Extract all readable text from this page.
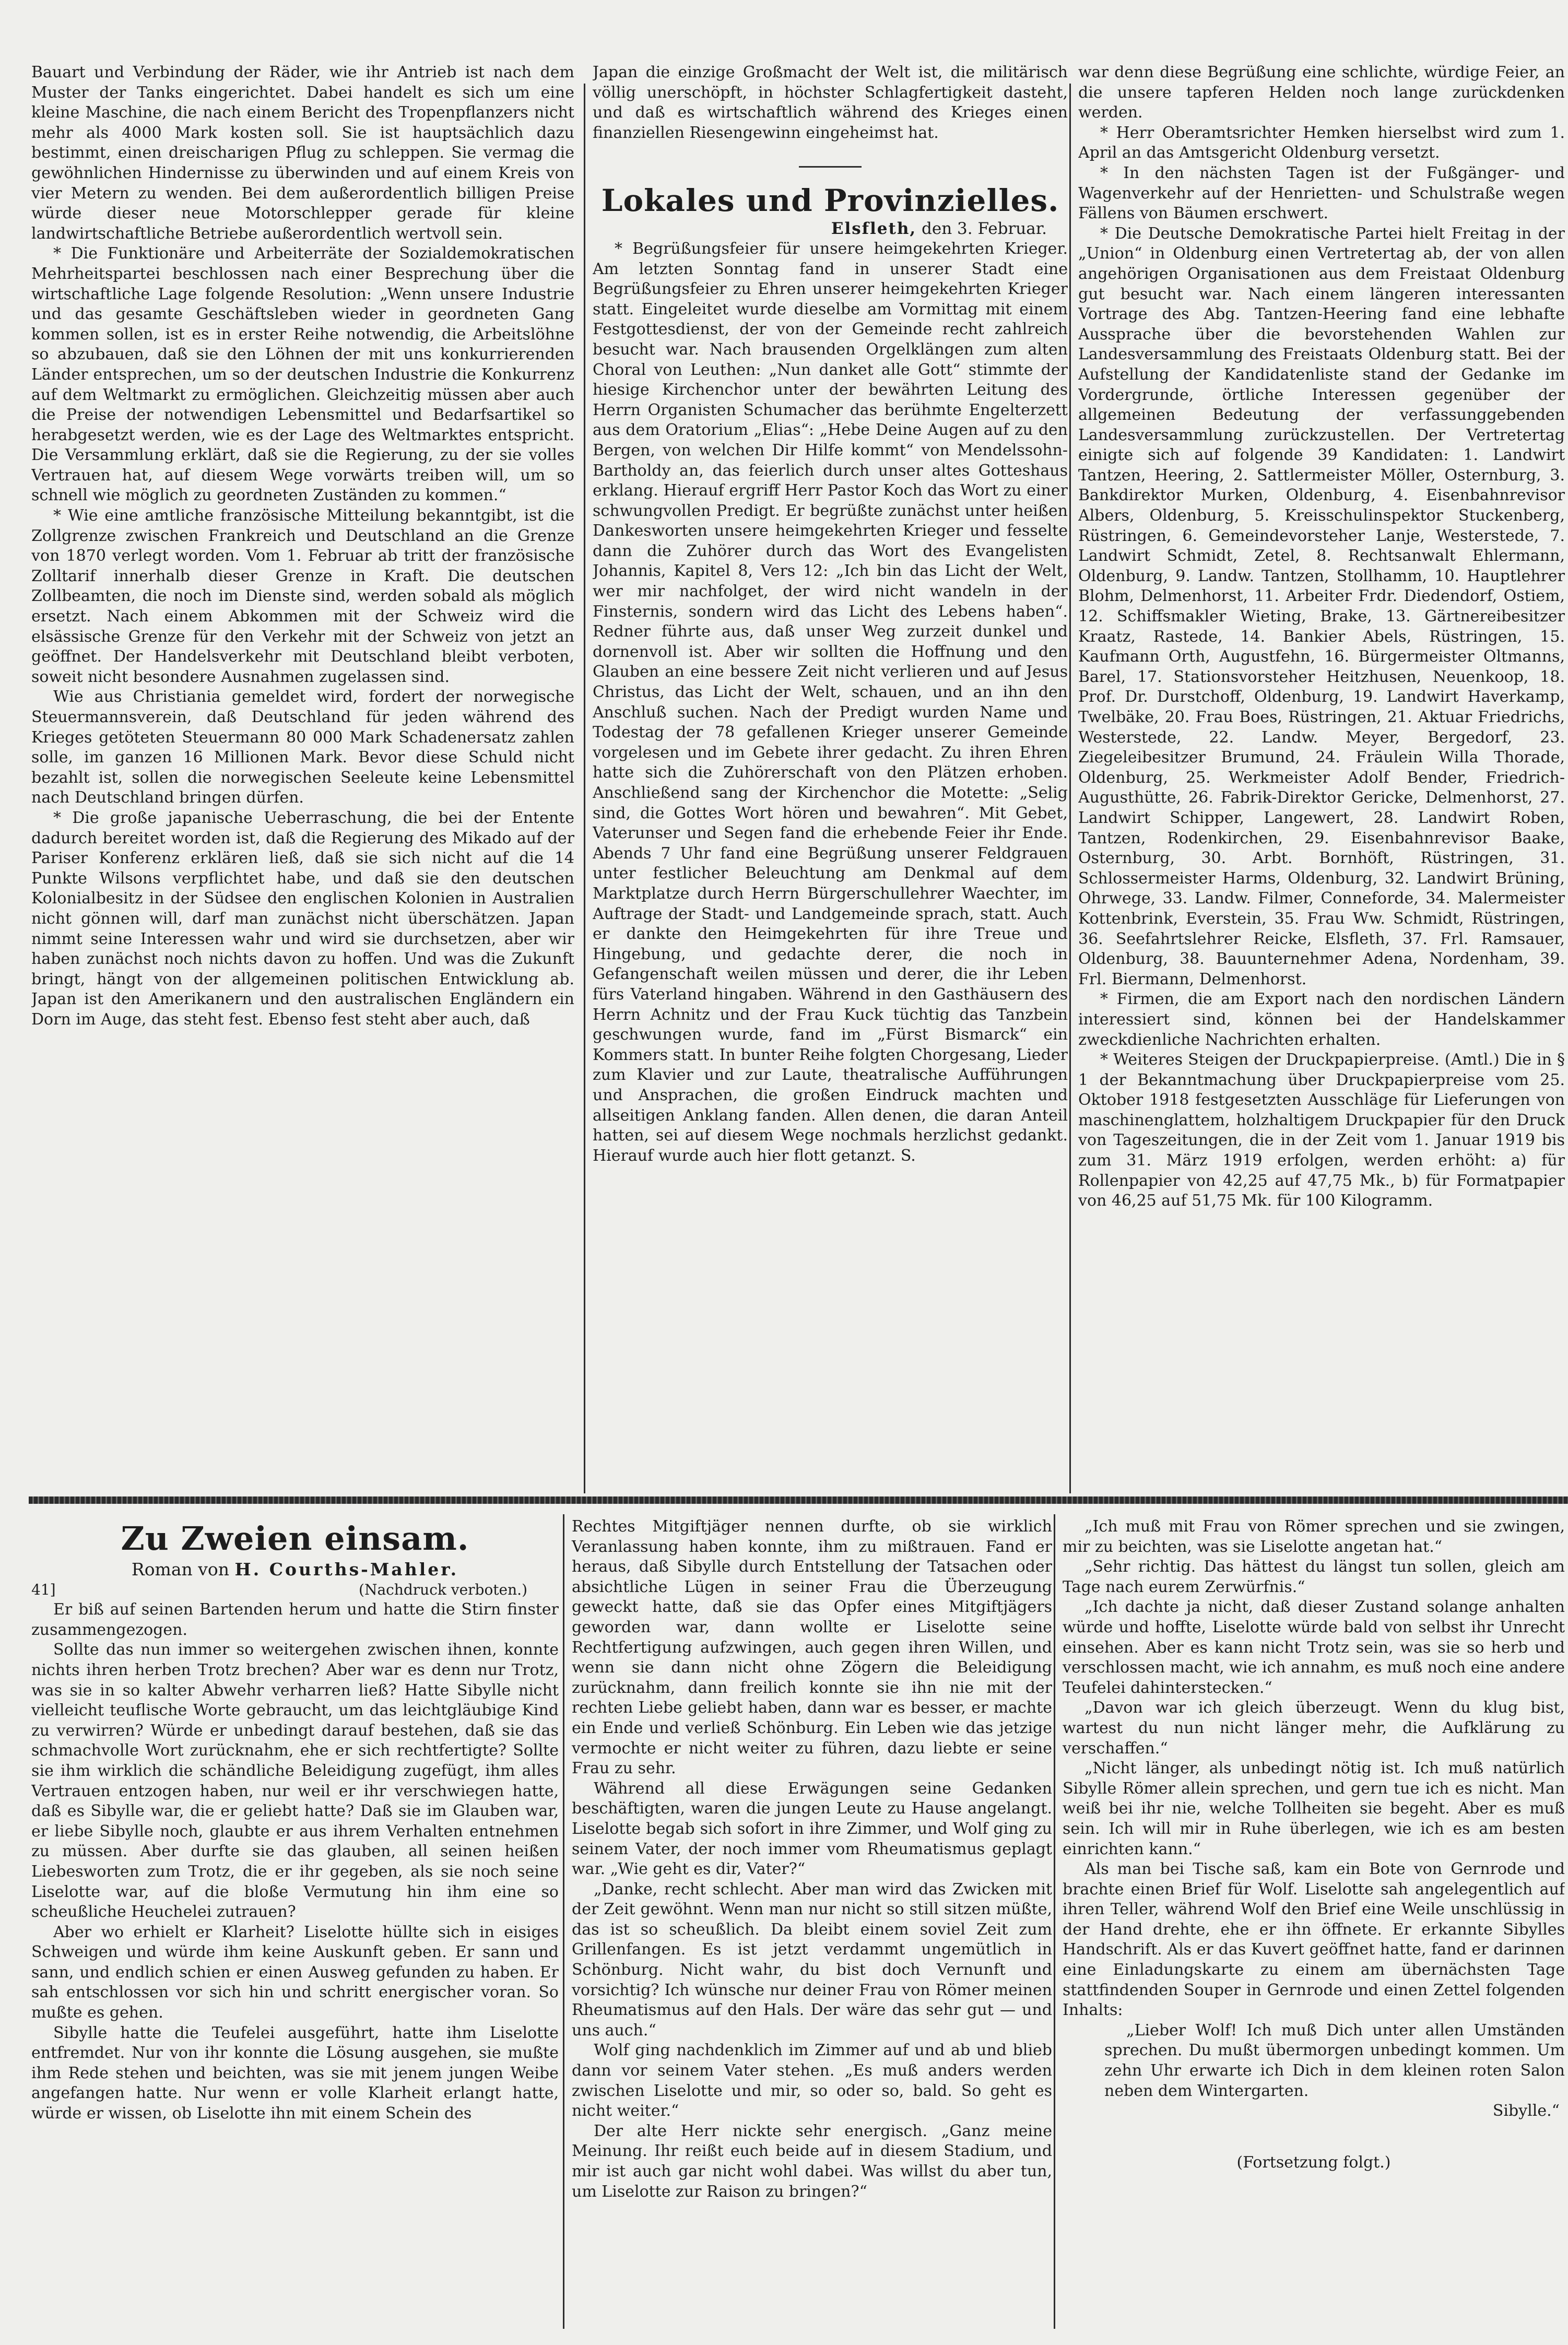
Bauart und Verbindung der Räder, wie ihr Antrieb ist nach dem Muster der Tanks eingerichtet. Dabei handelt es sich um eine kleine Maschine, die nach einem Bericht des Tropenpflanzers nicht mehr als 4000 Mark kosten soll. Sie ist hauptsächlich dazu bestimmt, einen dreischarigen Pflug zu schleppen. Sie vermag die gewöhnlichen Hindernisse zu überwinden und auf einem Kreis von vier Metern zu wenden. Bei dem außerordentlich billigen Preise würde dieser neue Motorschlepper gerade für kleine landwirtschaftliche Betriebe außerordentlich wertvoll sein.

* Die Funktionäre und Arbeiterräte der Sozialdemokratischen Mehrheitspartei beschlossen nach einer Besprechung über die wirtschaftliche Lage folgende Resolution: „Wenn unsere Industrie und das gesamte Geschäftsleben wieder in geordneten Gang kommen sollen, ist es in erster Reihe notwendig, die Arbeitslöhne so abzubauen, daß sie den Löhnen der mit uns konkurrierenden Länder entsprechen, um so der deutschen Industrie die Konkurrenz auf dem Weltmarkt zu ermöglichen. Gleichzeitig müssen aber auch die Preise der notwendigen Lebensmittel und Bedarfsartikel so herabgesetzt werden, wie es der Lage des Weltmarktes entspricht. Die Versammlung erklärt, daß sie die Regierung, zu der sie volles Vertrauen hat, auf diesem Wege vorwärts treiben will, um so schnell wie möglich zu geordneten Zuständen zu kommen.“

* Wie eine amtliche französische Mitteilung bekanntgibt, ist die Zollgrenze zwischen Frankreich und Deutschland an die Grenze von 1870 verlegt worden. Vom 1. Februar ab tritt der französische Zolltarif innerhalb dieser Grenze in Kraft. Die deutschen Zollbeamten, die noch im Dienste sind, werden sobald als möglich ersetzt. Nach einem Abkommen mit der Schweiz wird die elsässische Grenze für den Verkehr mit der Schweiz von jetzt an geöffnet. Der Handelsverkehr mit Deutschland bleibt verboten, soweit nicht besondere Ausnahmen zugelassen sind.

Wie aus Christiania gemeldet wird, fordert der norwegische Steuermannsverein, daß Deutschland für jeden während des Krieges getöteten Steuermann 80 000 Mark Schadenersatz zahlen solle, im ganzen 16 Millionen Mark. Bevor diese Schuld nicht bezahlt ist, sollen die norwegischen Seeleute keine Lebensmittel nach Deutschland bringen dürfen.

* Die große japanische Ueberraschung, die bei der Entente dadurch bereitet worden ist, daß die Regierung des Mikado auf der Pariser Konferenz erklären ließ, daß sie sich nicht auf die 14 Punkte Wilsons verpflichtet habe, und daß sie den deutschen Kolonialbesitz in der Südsee den englischen Kolonien in Australien nicht gönnen will, darf man zunächst nicht überschätzen. Japan nimmt seine Interessen wahr und wird sie durchsetzen, aber wir haben zunächst noch nichts davon zu hoffen. Und was die Zukunft bringt, hängt von der allgemeinen politischen Entwicklung ab. Japan ist den Amerikanern und den australischen Engländern ein Dorn im Auge, das steht fest. Ebenso fest steht aber auch, daß

Japan die einzige Großmacht der Welt ist, die militärisch völlig unerschöpft, in höchster Schlagfertigkeit dasteht, und daß es wirtschaftlich während des Krieges einen finanziellen Riesengewinn eingeheimst hat.

Lokales und Provinzielles.
Elsfleth, den 3. Februar.

* Begrüßungsfeier für unsere heimgekehrten Krieger. Am letzten Sonntag fand in unserer Stadt eine Begrüßungsfeier zu Ehren unserer heimgekehrten Krieger statt. Eingeleitet wurde dieselbe am Vormittag mit einem Festgottesdienst, der von der Gemeinde recht zahlreich besucht war. Nach brausenden Orgelklängen zum alten Choral von Leuthen: „Nun danket alle Gott“ stimmte der hiesige Kirchenchor unter der bewährten Leitung des Herrn Organisten Schumacher das berühmte Engelterzett aus dem Oratorium „Elias“: „Hebe Deine Augen auf zu den Bergen, von welchen Dir Hilfe kommt“ von Mendelssohn-Bartholdy an, das feierlich durch unser altes Gotteshaus erklang. Hierauf ergriff Herr Pastor Koch das Wort zu einer schwungvollen Predigt. Er begrüßte zunächst unter heißen Dankesworten unsere heimgekehrten Krieger und fesselte dann die Zuhörer durch das Wort des Evangelisten Johannis, Kapitel 8, Vers 12: „Ich bin das Licht der Welt, wer mir nachfolget, der wird nicht wandeln in der Finsternis, sondern wird das Licht des Lebens haben“. Redner führte aus, daß unser Weg zurzeit dunkel und dornenvoll ist. Aber wir sollten die Hoffnung und den Glauben an eine bessere Zeit nicht verlieren und auf Jesus Christus, das Licht der Welt, schauen, und an ihn den Anschluß suchen. Nach der Predigt wurden Name und Todestag der 78 gefallenen Krieger unserer Gemeinde vorgelesen und im Gebete ihrer gedacht. Zu ihren Ehren hatte sich die Zuhörerschaft von den Plätzen erhoben. Anschließend sang der Kirchenchor die Motette: „Selig sind, die Gottes Wort hören und bewahren“. Mit Gebet, Vaterunser und Segen fand die erhebende Feier ihr Ende. Abends 7 Uhr fand eine Begrüßung unserer Feldgrauen unter festlicher Beleuchtung am Denkmal auf dem Marktplatze durch Herrn Bürgerschullehrer Waechter, im Auftrage der Stadt- und Landgemeinde sprach, statt. Auch er dankte den Heimgekehrten für ihre Treue und Hingebung, und gedachte derer, die noch in Gefangenschaft weilen müssen und derer, die ihr Leben fürs Vaterland hingaben. Während in den Gasthäusern des Herrn Achnitz und der Frau Kuck tüchtig das Tanzbein geschwungen wurde, fand im „Fürst Bismarck“ ein Kommers statt. In bunter Reihe folgten Chorgesang, Lieder zum Klavier und zur Laute, theatralische Aufführungen und Ansprachen, die großen Eindruck machten und allseitigen Anklang fanden. Allen denen, die daran Anteil hatten, sei auf diesem Wege nochmals herzlichst gedankt. Hierauf wurde auch hier flott getanzt. S.

war denn diese Begrüßung eine schlichte, würdige Feier, an die unsere tapferen Helden noch lange zurückdenken werden.

* Herr Oberamtsrichter Hemken hierselbst wird zum 1. April an das Amtsgericht Oldenburg versetzt.

* In den nächsten Tagen ist der Fußgänger- und Wagenverkehr auf der Henrietten- und Schulstraße wegen Fällens von Bäumen erschwert.

* Die Deutsche Demokratische Partei hielt Freitag in der „Union“ in Oldenburg einen Vertretertag ab, der von allen angehörigen Organisationen aus dem Freistaat Oldenburg gut besucht war. Nach einem längeren interessanten Vortrage des Abg. Tantzen-Heering fand eine lebhafte Aussprache über die bevorstehenden Wahlen zur Landesversammlung des Freistaats Oldenburg statt. Bei der Aufstellung der Kandidatenliste stand der Gedanke im Vordergrunde, örtliche Interessen gegenüber der allgemeinen Bedeutung der verfassunggebenden Landesversammlung zurückzustellen. Der Vertretertag einigte sich auf folgende 39 Kandidaten: 1. Landwirt Tantzen, Heering, 2. Sattlermeister Möller, Osternburg, 3. Bankdirektor Murken, Oldenburg, 4. Eisenbahnrevisor Albers, Oldenburg, 5. Kreisschulinspektor Stuckenberg, Rüstringen, 6. Gemeindevorsteher Lanje, Westerstede, 7. Landwirt Schmidt, Zetel, 8. Rechtsanwalt Ehlermann, Oldenburg, 9. Landw. Tantzen, Stollhamm, 10. Hauptlehrer Blohm, Delmenhorst, 11. Arbeiter Frdr. Diedendorf, Ostiem, 12. Schiffsmakler Wieting, Brake, 13. Gärtnereibesitzer Kraatz, Rastede, 14. Bankier Abels, Rüstringen, 15. Kaufmann Orth, Augustfehn, 16. Bürgermeister Oltmanns, Barel, 17. Stationsvorsteher Heitzhusen, Neuenkoop, 18. Prof. Dr. Durstchoff, Oldenburg, 19. Landwirt Haverkamp, Twelbäke, 20. Frau Boes, Rüstringen, 21. Aktuar Friedrichs, Westerstede, 22. Landw. Meyer, Bergedorf, 23. Ziegeleibesitzer Brumund, 24. Fräulein Willa Thorade, Oldenburg, 25. Werkmeister Adolf Bender, Friedrich-Augusthütte, 26. Fabrik-Direktor Gericke, Delmenhorst, 27. Landwirt Schipper, Langewert, 28. Landwirt Roben, Tantzen, Rodenkirchen, 29. Eisenbahnrevisor Baake, Osternburg, 30. Arbt. Bornhöft, Rüstringen, 31. Schlossermeister Harms, Oldenburg, 32. Landwirt Brüning, Ohrwege, 33. Landw. Filmer, Conneforde, 34. Malermeister Kottenbrink, Everstein, 35. Frau Ww. Schmidt, Rüstringen, 36. Seefahrtslehrer Reicke, Elsfleth, 37. Frl. Ramsauer, Oldenburg, 38. Bauunternehmer Adena, Nordenham, 39. Frl. Biermann, Delmenhorst.

* Firmen, die am Export nach den nordischen Ländern interessiert sind, können bei der Handelskammer zweckdienliche Nachrichten erhalten.

* Weiteres Steigen der Druckpapierpreise. (Amtl.) Die in § 1 der Bekanntmachung über Druckpapierpreise vom 25. Oktober 1918 festgesetzten Ausschläge für Lieferungen von maschinenglattem, holzhaltigem Druckpapier für den Druck von Tageszeitungen, die in der Zeit vom 1. Januar 1919 bis zum 31. März 1919 erfolgen, werden erhöht: a) für Rollenpapier von 42,25 auf 47,75 Mk., b) für Formatpapier von 46,25 auf 51,75 Mk. für 100 Kilogramm.

Zu Zweien einsam.
Roman von H. Courths-Mahler.
41]	(Nachdruck verboten.)

Er biß auf seinen Bartenden herum und hatte die Stirn finster zusammengezogen.

Sollte das nun immer so weitergehen zwischen ihnen, konnte nichts ihren herben Trotz brechen? Aber war es denn nur Trotz, was sie in so kalter Abwehr verharren ließ? Hatte Sibylle nicht vielleicht teuflische Worte gebraucht, um das leichtgläubige Kind zu verwirren? Würde er unbedingt darauf bestehen, daß sie das schmachvolle Wort zurücknahm, ehe er sich rechtfertigte? Sollte sie ihm wirklich die schändliche Beleidigung zugefügt, ihm alles Vertrauen entzogen haben, nur weil er ihr verschwiegen hatte, daß es Sibylle war, die er geliebt hatte? Daß sie im Glauben war, er liebe Sibylle noch, glaubte er aus ihrem Verhalten entnehmen zu müssen. Aber durfte sie das glauben, all seinen heißen Liebesworten zum Trotz, die er ihr gegeben, als sie noch seine Liselotte war, auf die bloße Vermutung hin ihm eine so scheußliche Heuchelei zutrauen?

Aber wo erhielt er Klarheit? Liselotte hüllte sich in eisiges Schweigen und würde ihm keine Auskunft geben. Er sann und sann, und endlich schien er einen Ausweg gefunden zu haben. Er sah entschlossen vor sich hin und schritt energischer voran. So mußte es gehen.

Sibylle hatte die Teufelei ausgeführt, hatte ihm Liselotte entfremdet. Nur von ihr konnte die Lösung ausgehen, sie mußte ihm Rede stehen und beichten, was sie mit jenem jungen Weibe angefangen hatte. Nur wenn er volle Klarheit erlangt hatte, würde er wissen, ob Liselotte ihn mit einem Schein des

Rechtes Mitgiftjäger nennen durfte, ob sie wirklich Veranlassung haben konnte, ihm zu mißtrauen. Fand er heraus, daß Sibylle durch Entstellung der Tatsachen oder absichtliche Lügen in seiner Frau die Überzeugung geweckt hatte, daß sie das Opfer eines Mitgiftjägers geworden war, dann wollte er Liselotte seine Rechtfertigung aufzwingen, auch gegen ihren Willen, und wenn sie dann nicht ohne Zögern die Beleidigung zurücknahm, dann freilich konnte sie ihn nie mit der rechten Liebe geliebt haben, dann war es besser, er machte ein Ende und verließ Schönburg. Ein Leben wie das jetzige vermochte er nicht weiter zu führen, dazu liebte er seine Frau zu sehr.

Während all diese Erwägungen seine Gedanken beschäftigten, waren die jungen Leute zu Hause angelangt. Liselotte begab sich sofort in ihre Zimmer, und Wolf ging zu seinem Vater, der noch immer vom Rheumatismus geplagt war. „Wie geht es dir, Vater?“

„Danke, recht schlecht. Aber man wird das Zwicken mit der Zeit gewöhnt. Wenn man nur nicht so still sitzen müßte, das ist so scheußlich. Da bleibt einem soviel Zeit zum Grillenfangen. Es ist jetzt verdammt ungemütlich in Schönburg. Nicht wahr, du bist doch Vernunft und vorsichtig? Ich wünsche nur deiner Frau von Römer meinen Rheumatismus auf den Hals. Der wäre das sehr gut — und uns auch.“

Wolf ging nachdenklich im Zimmer auf und ab und blieb dann vor seinem Vater stehen. „Es muß anders werden zwischen Liselotte und mir, so oder so, bald. So geht es nicht weiter.“

Der alte Herr nickte sehr energisch. „Ganz meine Meinung. Ihr reißt euch beide auf in diesem Stadium, und mir ist auch gar nicht wohl dabei. Was willst du aber tun, um Liselotte zur Raison zu bringen?“

„Ich muß mit Frau von Römer sprechen und sie zwingen, mir zu beichten, was sie Liselotte angetan hat.“

„Sehr richtig. Das hättest du längst tun sollen, gleich am Tage nach eurem Zerwürfnis.“

„Ich dachte ja nicht, daß dieser Zustand solange anhalten würde und hoffte, Liselotte würde bald von selbst ihr Unrecht einsehen. Aber es kann nicht Trotz sein, was sie so herb und verschlossen macht, wie ich annahm, es muß noch eine andere Teufelei dahinterstecken.“

„Davon war ich gleich überzeugt. Wenn du klug bist, wartest du nun nicht länger mehr, die Aufklärung zu verschaffen.“

„Nicht länger, als unbedingt nötig ist. Ich muß natürlich Sibylle Römer allein sprechen, und gern tue ich es nicht. Man weiß bei ihr nie, welche Tollheiten sie begeht. Aber es muß sein. Ich will mir in Ruhe überlegen, wie ich es am besten einrichten kann.“

Als man bei Tische saß, kam ein Bote von Gernrode und brachte einen Brief für Wolf. Liselotte sah angelegentlich auf ihren Teller, während Wolf den Brief eine Weile unschlüssig in der Hand drehte, ehe er ihn öffnete. Er erkannte Sibylles Handschrift. Als er das Kuvert geöffnet hatte, fand er darinnen eine Einladungskarte zu einem am übernächsten Tage stattfindenden Souper in Gernrode und einen Zettel folgenden Inhalts:

„Lieber Wolf! Ich muß Dich unter allen Umständen sprechen. Du mußt übermorgen unbedingt kommen. Um zehn Uhr erwarte ich Dich in dem kleinen roten Salon neben dem Wintergarten.

Sibylle.“

(Fortsetzung folgt.)
